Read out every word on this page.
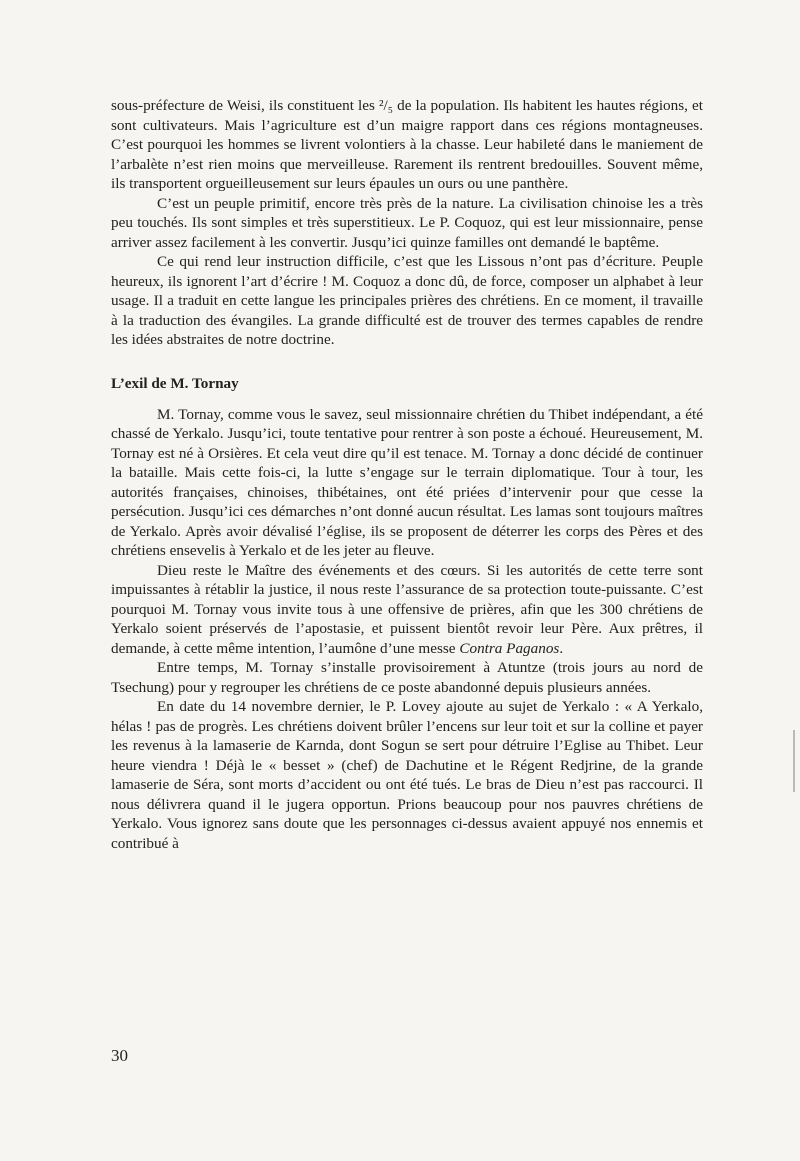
sous-préfecture de Weisi, ils constituent les ²/₅ de la population. Ils habitent les hautes régions, et sont cultivateurs. Mais l’agriculture est d’un maigre rapport dans ces régions montagneuses. C’est pourquoi les hommes se livrent volontiers à la chasse. Leur habileté dans le maniement de l’arbalète n’est rien moins que merveilleuse. Rarement ils rentrent bredouilles. Souvent même, ils transportent orgueilleusement sur leurs épaules un ours ou une panthère.

C’est un peuple primitif, encore très près de la nature. La civilisation chinoise les a très peu touchés. Ils sont simples et très superstitieux. Le P. Coquoz, qui est leur missionnaire, pense arriver assez facilement à les convertir. Jusqu’ici quinze familles ont demandé le baptême.

Ce qui rend leur instruction difficile, c’est que les Lissous n’ont pas d’écriture. Peuple heureux, ils ignorent l’art d’écrire ! M. Coquoz a donc dû, de force, composer un alphabet à leur usage. Il a traduit en cette langue les principales prières des chrétiens. En ce moment, il travaille à la traduction des évangiles. La grande difficulté est de trouver des termes capables de rendre les idées abstraites de notre doctrine.

L’exil de M. Tornay

M. Tornay, comme vous le savez, seul missionnaire chrétien du Thibet indépendant, a été chassé de Yerkalo. Jusqu’ici, toute tentative pour rentrer à son poste a échoué. Heureusement, M. Tornay est né à Orsières. Et cela veut dire qu’il est tenace. M. Tornay a donc décidé de continuer la bataille. Mais cette fois-ci, la lutte s’engage sur le terrain diplomatique. Tour à tour, les autorités françaises, chinoises, thibétaines, ont été priées d’intervenir pour que cesse la persécution. Jusqu’ici ces démarches n’ont donné aucun résultat. Les lamas sont toujours maîtres de Yerkalo. Après avoir dévalisé l’église, ils se proposent de déterrer les corps des Pères et des chrétiens ensevelis à Yerkalo et de les jeter au fleuve.

Dieu reste le Maître des événements et des cœurs. Si les autorités de cette terre sont impuissantes à rétablir la justice, il nous reste l’assurance de sa protection toute-puissante. C’est pourquoi M. Tornay vous invite tous à une offensive de prières, afin que les 300 chrétiens de Yerkalo soient préservés de l’apostasie, et puissent bientôt revoir leur Père. Aux prêtres, il demande, à cette même intention, l’aumône d’une messe Contra Paganos.

Entre temps, M. Tornay s’installe provisoirement à Atuntze (trois jours au nord de Tsechung) pour y regrouper les chrétiens de ce poste abandonné depuis plusieurs années.

En date du 14 novembre dernier, le P. Lovey ajoute au sujet de Yerkalo : « A Yerkalo, hélas ! pas de progrès. Les chrétiens doivent brûler l’encens sur leur toit et sur la colline et payer les revenus à la lamaserie de Karnda, dont Sogun se sert pour détruire l’Eglise au Thibet. Leur heure viendra ! Déjà le « besset » (chef) de Dachutine et le Régent Redjrine, de la grande lamaserie de Séra, sont morts d’accident ou ont été tués. Le bras de Dieu n’est pas raccourci. Il nous délivrera quand il le jugera opportun. Prions beaucoup pour nos pauvres chrétiens de Yerkalo. Vous ignorez sans doute que les personnages ci-dessus avaient appuyé nos ennemis et contribué à

30
